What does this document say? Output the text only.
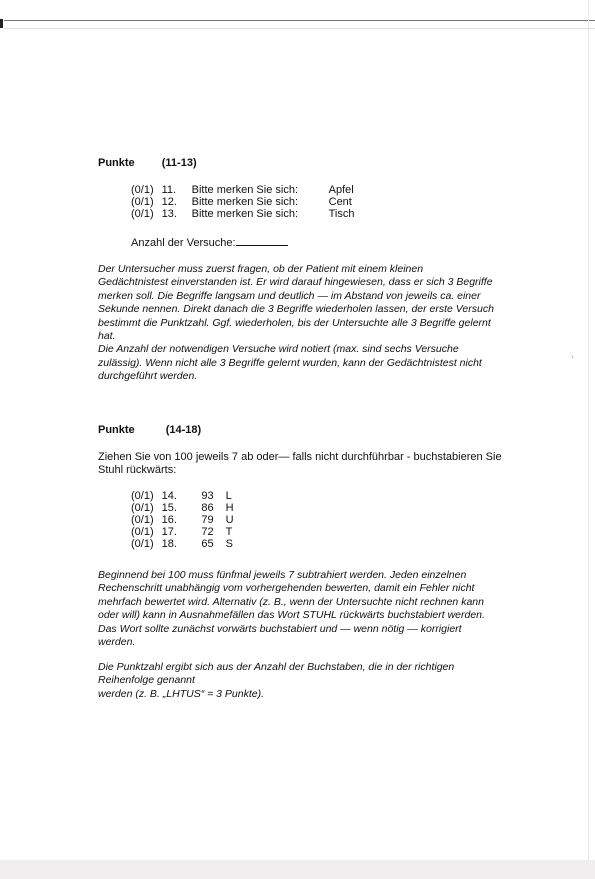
›
Punkte (11-13)
(0/1)	11.	Bitte merken Sie sich:	Apfel
(0/1)	12.	Bitte merken Sie sich:	Cent
(0/1)	13.	Bitte merken Sie sich:	Tisch
Anzahl der Versuche:
Der Untersucher muss zuerst fragen, ob der Patient mit einem kleinen
Gedächtnistest einverstanden ist. Er wird darauf hingewiesen, dass er sich 3 Begriffe
merken soll. Die Begriffe langsam und deutlich — im Abstand von jeweils ca. einer
Sekunde nennen. Direkt danach die 3 Begriffe wiederholen lassen, der erste Versuch
bestimmt die Punktzahl. Ggf. wiederholen, bis der Untersuchte alle 3 Begriffe gelernt
hat.
Die Anzahl der notwendigen Versuche wird notiert (max. sind sechs Versuche
zulässig). Wenn nicht alle 3 Begriffe gelernt wurden, kann der Gedächtnistest nicht
durchgeführt werden.
Punkte	(14-18)
Ziehen Sie von 100 jeweils 7 ab oder— falls nicht durchführbar - buchstabieren Sie
Stuhl rückwärts:
(0/1)	14.	93	L
(0/1)	15.	86	H
(0/1)	16.	79	U
(0/1)	17.	72	T
(0/1)	18.	65	S
Beginnend bei 100 muss fünfmal jeweils 7 subtrahiert werden. Jeden einzelnen
Rechenschritt unabhängig vom vorhergehenden bewerten, damit ein Fehler nicht
mehrfach bewertet wird. Alternativ (z. B., wenn der Untersuchte nicht rechnen kann
oder will) kann in Ausnahmefällen das Wort STUHL rückwärts buchstabiert werden.
Das Wort sollte zunächst vorwärts buchstabiert und — wenn nötig — korrigiert
werden.
Die Punktzahl ergibt sich aus der Anzahl der Buchstaben, die in der richtigen
Reihenfolge genannt
werden (z. B. „LHTUS“ = 3 Punkte).
